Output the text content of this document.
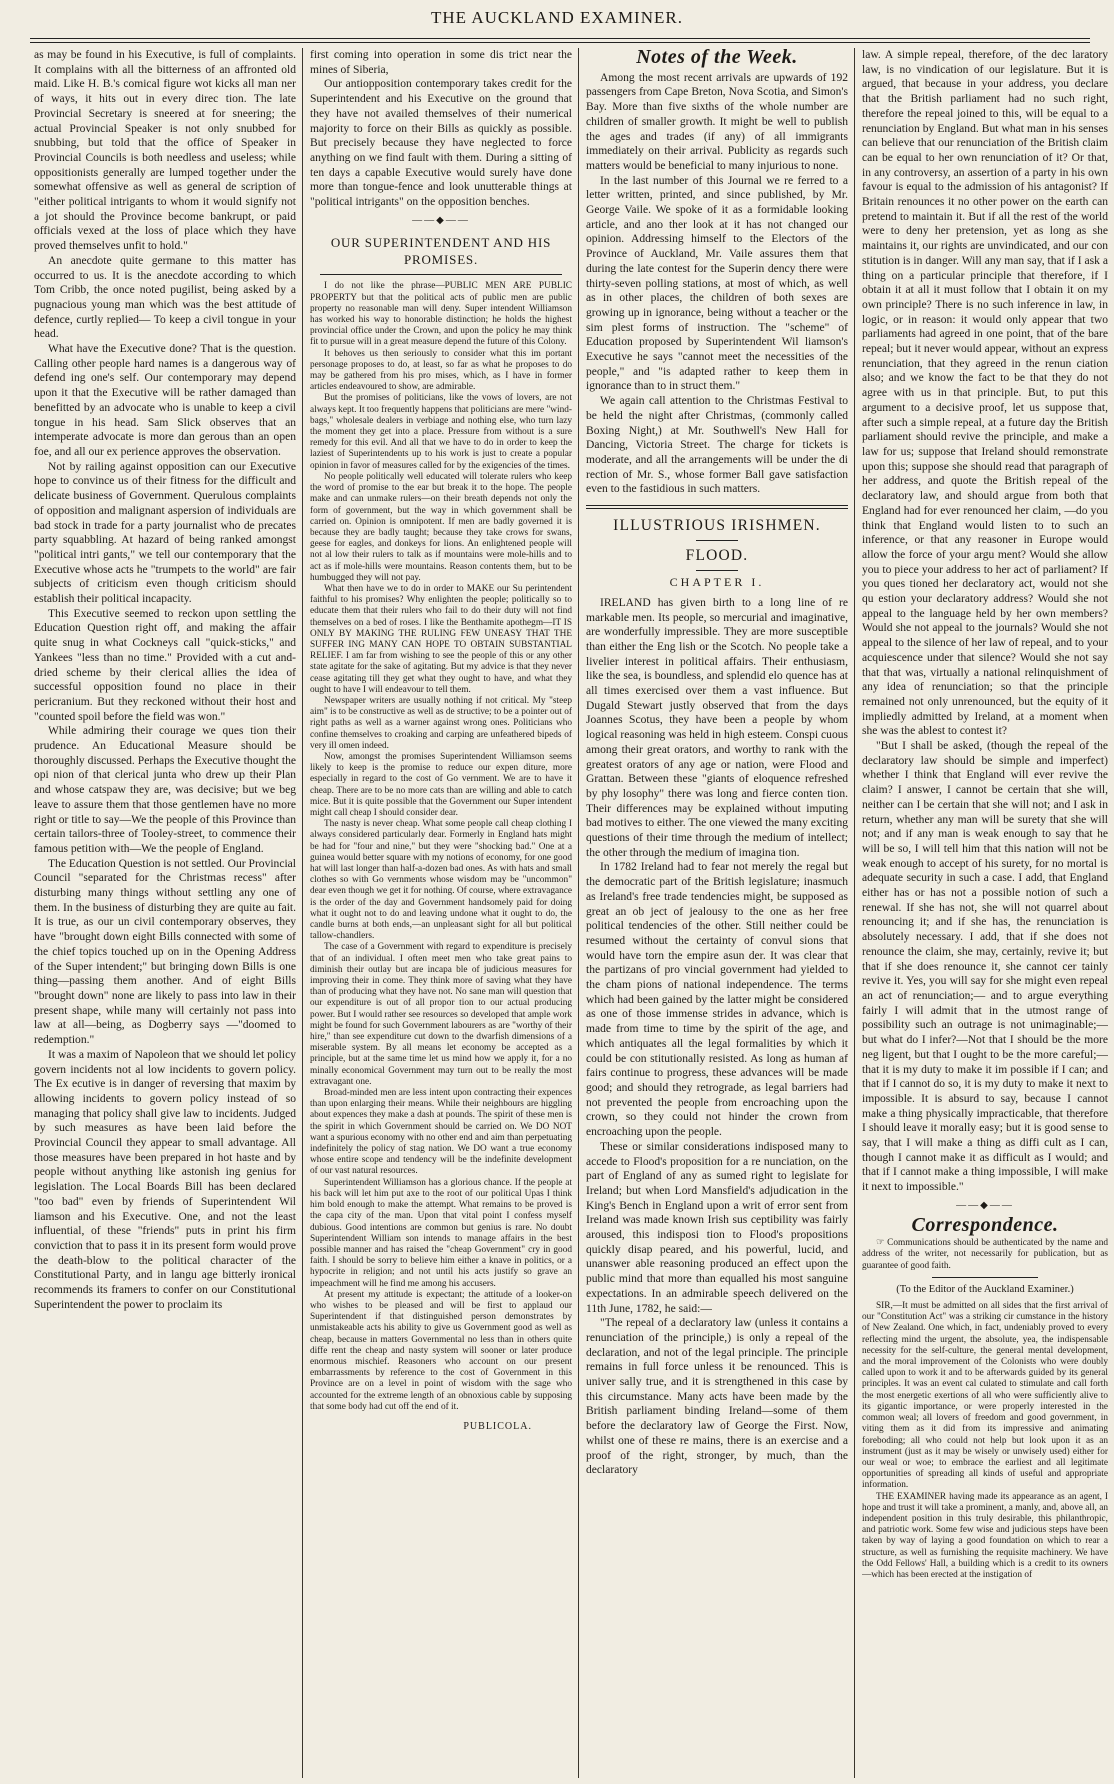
THE AUCKLAND EXAMINER.

as may be found in his Executive, is full of complaints. It complains with all the bitterness of an affronted old maid. Like H. B.'s comical figure wot kicks all man ner of ways, it hits out in every direc tion. The late Provincial Secretary is sneered at for sneering; the actual Provincial Speaker is not only snubbed for snubbing, but told that the office of Speaker in Provincial Councils is both needless and useless; while oppositionists generally are lumped together under the somewhat offensive as well as general de scription of "either political intrigants to whom it would signify not a jot should the Province become bankrupt, or paid officials vexed at the loss of place which they have proved themselves unfit to hold."

An anecdote quite germane to this matter has occurred to us. It is the anecdote according to which Tom Cribb, the once noted pugilist, being asked by a pugnacious young man which was the best attitude of defence, curtly replied— To keep a civil tongue in your head.

What have the Executive done? That is the question. Calling other people hard names is a dangerous way of defend ing one's self. Our contemporary may depend upon it that the Executive will be rather damaged than benefitted by an advocate who is unable to keep a civil tongue in his head. Sam Slick observes that an intemperate advocate is more dan gerous than an open foe, and all our ex perience approves the observation.

Not by railing against opposition can our Executive hope to convince us of their fitness for the difficult and delicate business of Government. Querulous complaints of opposition and malignant aspersion of individuals are bad stock in trade for a party journalist who de precates party squabbling. At hazard of being ranked amongst "political intri gants," we tell our contemporary that the Executive whose acts he "trumpets to the world" are fair subjects of criticism even though criticism should establish their political incapacity.

This Executive seemed to reckon upon settling the Education Question right off, and making the affair quite snug in what Cockneys call "quick-sticks," and Yankees "less than no time." Provided with a cut and-dried scheme by their clerical allies the idea of successful opposition found no place in their pericranium. But they reckoned without their host and "counted spoil before the field was won."

While admiring their courage we ques tion their prudence. An Educational Measure should be thoroughly discussed. Perhaps the Executive thought the opi nion of that clerical junta who drew up their Plan and whose catspaw they are, was decisive; but we beg leave to assure them that those gentlemen have no more right or title to say—We the people of this Province than certain tailors-three of Tooley-street, to commence their famous petition with—We the people of England.

The Education Question is not settled. Our Provincial Council "separated for the Christmas recess" after disturbing many things without settling any one of them. In the business of disturbing they are quite au fait. It is true, as our un civil contemporary observes, they have "brought down eight Bills connected with some of the chief topics touched up on in the Opening Address of the Super intendent;" but bringing down Bills is one thing—passing them another. And of eight Bills "brought down" none are likely to pass into law in their present shape, while many will certainly not pass into law at all—being, as Dogberry says —"doomed to redemption."

It was a maxim of Napoleon that we should let policy govern incidents not al low incidents to govern policy. The Ex ecutive is in danger of reversing that maxim by allowing incidents to govern policy instead of so managing that policy shall give law to incidents. Judged by such measures as have been laid before the Provincial Council they appear to small advantage. All those measures have been prepared in hot haste and by people without anything like astonish ing genius for legislation. The Local Boards Bill has been declared "too bad" even by friends of Superintendent Wil liamson and his Executive. One, and not the least influential, of these "friends" puts in print his firm conviction that to pass it in its present form would prove the death-blow to the political character of the Constitutional Party, and in langu age bitterly ironical recommends its framers to confer on our Constitutional Superintendent the power to proclaim its

first coming into operation in some dis trict near the mines of Siberia,

Our antiopposition contemporary takes credit for the Superintendent and his Executive on the ground that they have not availed themselves of their numerical majority to force on their Bills as quickly as possible. But precisely because they have neglected to force anything on we find fault with them. During a sitting of ten days a capable Executive would surely have done more than tongue-fence and look unutterable things at "political intrigants" on the opposition benches.

——◆——
OUR SUPERINTENDENT AND HIS PROMISES.

I do not like the phrase—PUBLIC MEN ARE PUBLIC PROPERTY but that the political acts of public men are public property no reasonable man will deny. Super intendent Williamson has worked his way to honorable distinction; he holds the highest provincial office under the Crown, and upon the policy he may think fit to pursue will in a great measure depend the future of this Colony.

It behoves us then seriously to consider what this im portant personage proposes to do, at least, so far as what he proposes to do may be gathered from his pro mises, which, as I have in former articles endeavoured to show, are admirable.

But the promises of politicians, like the vows of lovers, are not always kept. It too frequently happens that politicians are mere "wind-bags," wholesale dealers in verbiage and nothing else, who turn lazy the moment they get into a place. Pressure from without is a sure remedy for this evil. And all that we have to do in order to keep the laziest of Superintendents up to his work is just to create a popular opinion in favor of measures called for by the exigencies of the times.

No people politically well educated will tolerate rulers who keep the word of promise to the ear but break it to the hope. The people make and can unmake rulers—on their breath depends not only the form of government, but the way in which government shall be carried on. Opinion is omnipotent. If men are badly governed it is because they are badly taught; because they take crows for swans, geese for eagles, and donkeys for lions. An enlightened people will not al low their rulers to talk as if mountains were mole-hills and to act as if mole-hills were mountains. Reason contents them, but to be humbugged they will not pay.

What then have we to do in order to MAKE our Su perintendent faithful to his promises? Why enlighten the people; politically so to educate them that their rulers who fail to do their duty will not find themselves on a bed of roses. I like the Benthamite apothegm—IT IS ONLY BY MAKING THE RULING FEW UNEASY THAT THE SUFFER ING MANY CAN HOPE TO OBTAIN SUBSTANTIAL RELIEF. I am far from wishing to see the people of this or any other state agitate for the sake of agitating. But my advice is that they never cease agitating till they get what they ought to have, and what they ought to have I will endeavour to tell them.

Newspaper writers are usually nothing if not critical. My "steep aim" is to be constructive as well as de structive; to be a pointer out of right paths as well as a warner against wrong ones. Politicians who confine themselves to croaking and carping are unfeathered bipeds of very ill omen indeed.

Now, amongst the promises Superintendent Williamson seems likely to keep is the promise to reduce our expen diture, more especially in regard to the cost of Go vernment. We are to have it cheap. There are to be no more cats than are willing and able to catch mice. But it is quite possible that the Government our Super intendent might call cheap I should consider dear.

The nasty is never cheap. What some people call cheap clothing I always considered particularly dear. Formerly in England hats might be had for "four and nine," but they were "shocking bad." One at a guinea would better square with my notions of economy, for one good hat will last longer than half-a-dozen bad ones. As with hats and small clothes so with Go vernments whose wisdom may be "uncommon" dear even though we get it for nothing. Of course, where extravagance is the order of the day and Government handsomely paid for doing what it ought not to do and leaving undone what it ought to do, the candle burns at both ends,—an unpleasant sight for all but political tallow-chandlers.

The case of a Government with regard to expenditure is precisely that of an individual. I often meet men who take great pains to diminish their outlay but are incapa ble of judicious measures for improving their in come. They think more of saving what they have than of producing what they have not. No sane man will question that our expenditure is out of all propor tion to our actual producing power. But I would rather see resources so developed that ample work might be found for such Government labourers as are "worthy of their hire," than see expenditure cut down to the dwarfish dimensions of a miserable system. By all means let economy be accepted as a principle, but at the same time let us mind how we apply it, for a no minally economical Government may turn out to be really the most extravagant one.

Broad-minded men are less intent upon contracting their expences than upon enlarging their means. While their neighbours are higgling about expences they make a dash at pounds. The spirit of these men is the spirit in which Government should be carried on. We DO NOT want a spurious economy with no other end and aim than perpetuating indefinitely the policy of stag nation. We DO want a true economy whose entire scope and tendency will be the indefinite development of our vast natural resources.

Superintendent Williamson has a glorious chance. If the people at his back will let him put axe to the root of our political Upas I think him bold enough to make the attempt. What remains to be proved is the capa city of the man. Upon that vital point I confess myself dubious. Good intentions are common but genius is rare. No doubt Superintendent William son intends to manage affairs in the best possible manner and has raised the "cheap Government" cry in good faith. I should be sorry to believe him either a knave in politics, or a hypocrite in religion; and not until his acts justify so grave an impeachment will he find me among his accusers.

At present my attitude is expectant; the attitude of a looker-on who wishes to be pleased and will be first to applaud our Superintendent if that distinguished person demonstrates by unmistakeable acts his ability to give us Government good as well as cheap, because in matters Governmental no less than in others quite diffe rent the cheap and nasty system will sooner or later produce enormous mischief. Reasoners who account on our present embarrassments by reference to the cost of Government in this Province are on a level in point of wisdom with the sage who accounted for the extreme length of an obnoxious cable by supposing that some body had cut off the end of it.

PUBLICOLA.
Notes of the Week.

Among the most recent arrivals are upwards of 192 passengers from Cape Breton, Nova Scotia, and Simon's Bay. More than five sixths of the whole number are children of smaller growth. It might be well to publish the ages and trades (if any) of all immigrants immediately on their arrival. Publicity as regards such matters would be beneficial to many injurious to none.

In the last number of this Journal we re ferred to a letter written, printed, and since published, by Mr. George Vaile. We spoke of it as a formidable looking article, and ano ther look at it has not changed our opinion. Addressing himself to the Electors of the Province of Auckland, Mr. Vaile assures them that during the late contest for the Superin dency there were thirty-seven polling stations, at most of which, as well as in other places, the children of both sexes are growing up in ignorance, being without a teacher or the sim plest forms of instruction. The "scheme" of Education proposed by Superintendent Wil liamson's Executive he says "cannot meet the necessities of the people," and "is adapted rather to keep them in ignorance than to in struct them."

We again call attention to the Christmas Festival to be held the night after Christmas, (commonly called Boxing Night,) at Mr. Southwell's New Hall for Dancing, Victoria Street. The charge for tickets is moderate, and all the arrangements will be under the di rection of Mr. S., whose former Ball gave satisfaction even to the fastidious in such matters.

ILLUSTRIOUS IRISHMEN.
FLOOD.
CHAPTER I.

IRELAND has given birth to a long line of re markable men. Its people, so mercurial and imaginative, are wonderfully impressible. They are more susceptible than either the Eng lish or the Scotch. No people take a livelier interest in political affairs. Their enthusiasm, like the sea, is boundless, and splendid elo quence has at all times exercised over them a vast influence. But Dugald Stewart justly observed that from the days Joannes Scotus, they have been a people by whom logical reasoning was held in high esteem. Conspi cuous among their great orators, and worthy to rank with the greatest orators of any age or nation, were Flood and Grattan. Between these "giants of eloquence refreshed by phy losophy" there was long and fierce conten tion. Their differences may be explained without imputing bad motives to either. The one viewed the many exciting questions of their time through the medium of intellect; the other through the medium of imagina tion.

In 1782 Ireland had to fear not merely the regal but the democratic part of the British legislature; inasmuch as Ireland's free trade tendencies might, be supposed as great an ob ject of jealousy to the one as her free political tendencies of the other. Still neither could be resumed without the certainty of convul sions that would have torn the empire asun der. It was clear that the partizans of pro vincial government had yielded to the cham pions of national independence. The terms which had been gained by the latter might be considered as one of those immense strides in advance, which is made from time to time by the spirit of the age, and which antiquates all the legal formalities by which it could be con stitutionally resisted. As long as human af fairs continue to progress, these advances will be made good; and should they retrograde, as legal barriers had not prevented the people from encroaching upon the crown, so they could not hinder the crown from encroaching upon the people.

These or similar considerations indisposed many to accede to Flood's proposition for a re nunciation, on the part of England of any as sumed right to legislate for Ireland; but when Lord Mansfield's adjudication in the King's Bench in England upon a writ of error sent from Ireland was made known Irish sus ceptibility was fairly aroused, this indisposi tion to Flood's propositions quickly disap peared, and his powerful, lucid, and unanswer able reasoning produced an effect upon the public mind that more than equalled his most sanguine expectations. In an admirable speech delivered on the 11th June, 1782, he said:—

"The repeal of a declaratory law (unless it contains a renunciation of the principle,) is only a repeal of the declaration, and not of the legal principle. The principle remains in full force unless it be renounced. This is univer sally true, and it is strengthened in this case by this circumstance. Many acts have been made by the British parliament binding Ireland—some of them before the declaratory law of George the First. Now, whilst one of these re mains, there is an exercise and a proof of the right, stronger, by much, than the declaratory

law. A simple repeal, therefore, of the dec laratory law, is no vindication of our legislature. But it is argued, that because in your address, you declare that the British parliament had no such right, therefore the repeal joined to this, will be equal to a renunciation by England. But what man in his senses can believe that our renunciation of the British claim can be equal to her own renunciation of it? Or that, in any controversy, an assertion of a party in his own favour is equal to the admission of his antagonist? If Britain renounces it no other power on the earth can pretend to maintain it. But if all the rest of the world were to deny her pretension, yet as long as she maintains it, our rights are unvindicated, and our con stitution is in danger. Will any man say, that if I ask a thing on a particular principle that therefore, if I obtain it at all it must follow that I obtain it on my own principle? There is no such inference in law, in logic, or in reason: it would only appear that two parliaments had agreed in one point, that of the bare repeal; but it never would appear, without an express renunciation, that they agreed in the renun ciation also; and we know the fact to be that they do not agree with us in that principle. But, to put this argument to a decisive proof, let us suppose that, after such a simple repeal, at a future day the British parliament should revive the principle, and make a law for us; suppose that Ireland should remonstrate upon this; suppose she should read that paragraph of her address, and quote the British repeal of the declaratory law, and should argue from both that England had for ever renounced her claim, —do you think that England would listen to to such an inference, or that any reasoner in Europe would allow the force of your argu ment? Would she allow you to piece your address to her act of parliament? If you ques tioned her declaratory act, would not she qu estion your declaratory address? Would she not appeal to the language held by her own members? Would she not appeal to the journals? Would she not appeal to the silence of her law of repeal, and to your acquiescence under that silence? Would she not say that that was, virtually a national relinquishment of any idea of renunciation; so that the principle remained not only unrenounced, but the equity of it impliedly admitted by Ireland, at a moment when she was the ablest to contest it?

"But I shall be asked, (though the repeal of the declaratory law should be simple and imperfect) whether I think that England will ever revive the claim? I answer, I cannot be certain that she will, neither can I be certain that she will not; and I ask in return, whether any man will be surety that she will not; and if any man is weak enough to say that he will be so, I will tell him that this nation will not be weak enough to accept of his surety, for no mortal is adequate security in such a case. I add, that England either has or has not a possible notion of such a renewal. If she has not, she will not quarrel about renouncing it; and if she has, the renunciation is absolutely necessary. I add, that if she does not renounce the claim, she may, certainly, revive it; but that if she does renounce it, she cannot cer tainly revive it. Yes, you will say for she might even repeal an act of renunciation;— and to argue everything fairly I will admit that in the utmost range of possibility such an outrage is not unimaginable;—but what do I infer?—Not that I should be the more neg ligent, but that I ought to be the more careful;—that it is my duty to make it im possible if I can; and that if I cannot do so, it is my duty to make it next to impossible. It is absurd to say, because I cannot make a thing physically impracticable, that therefore I should leave it morally easy; but it is good sense to say, that I will make a thing as diffi cult as I can, though I cannot make it as difficult as I would; and that if I cannot make a thing impossible, I will make it next to impossible."

——◆——
Correspondence.

☞ Communications should be authenticated by the name and address of the writer, not necessarily for publication, but as guarantee of good faith.

(To the Editor of the Auckland Examiner.)

SIR,—It must be admitted on all sides that the first arrival of our "Constitution Act" was a striking cir cumstance in the history of New Zealand. One which, in fact, undeniably proved to every reflecting mind the urgent, the absolute, yea, the indispensable necessity for the self-culture, the general mental development, and the moral improvement of the Colonists who were doubly called upon to work it and to be afterwards guided by its general principles. It was an event cal culated to stimulate and call forth the most energetic exertions of all who were sufficiently alive to its gigantic importance, or were properly interested in the common weal; all lovers of freedom and good government, in viting them as it did from its impressive and animating foreboding; all who could not help but look upon it as an instrument (just as it may be wisely or unwisely used) either for our weal or woe; to embrace the earliest and all legitimate opportunities of spreading all kinds of useful and appropriate information.

THE EXAMINER having made its appearance as an agent, I hope and trust it will take a prominent, a manly, and, above all, an independent position in this truly desirable, this philanthropic, and patriotic work. Some few wise and judicious steps have been taken by way of laying a good foundation on which to rear a structure, as well as furnishing the requisite machinery. We have the Odd Fellows' Hall, a building which is a credit to its owners—which has been erected at the instigation of
